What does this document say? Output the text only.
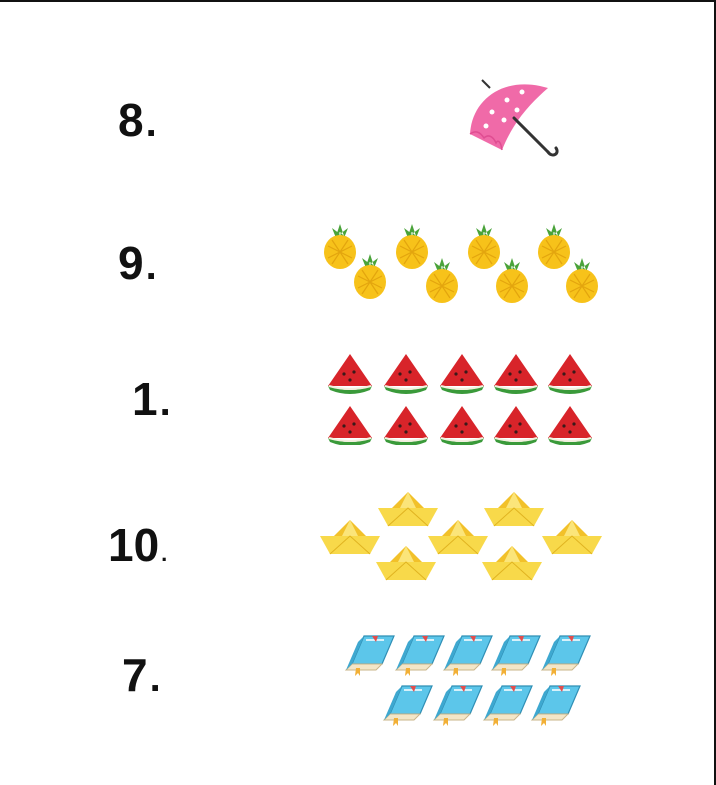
8.
9.
1.
10.
7.
